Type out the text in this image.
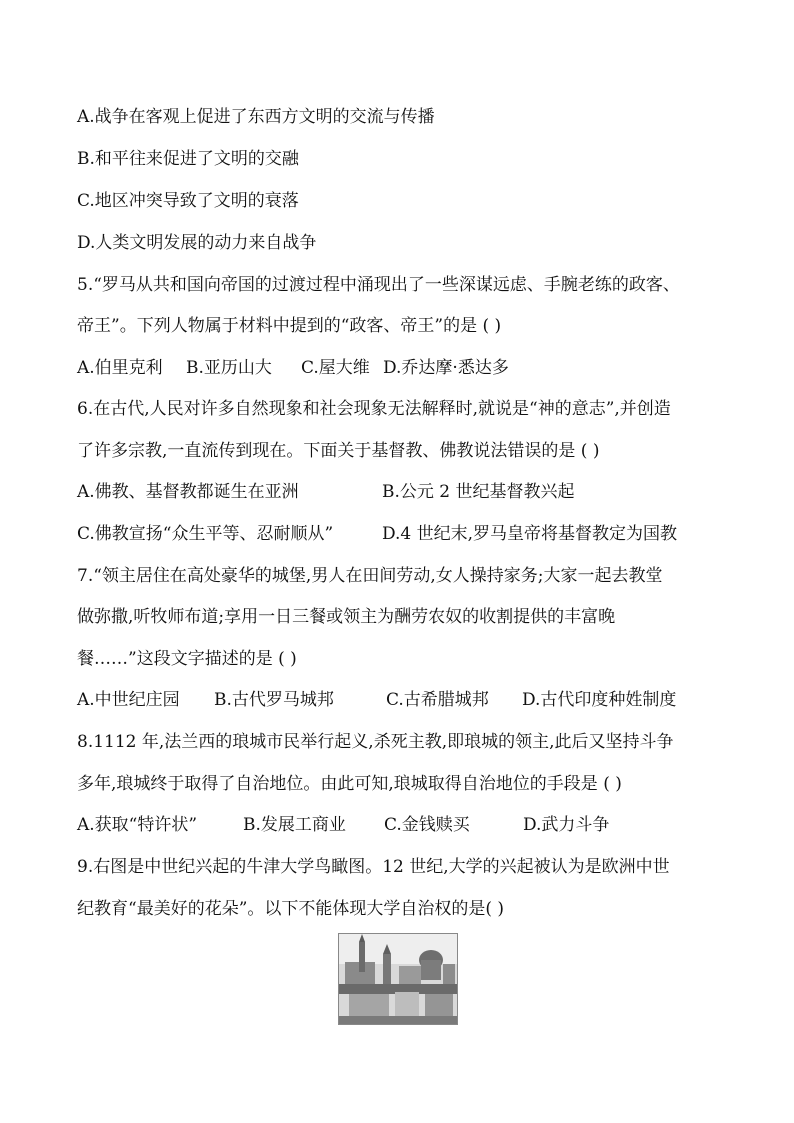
A.战争在客观上促进了东西方文明的交流与传播
B.和平往来促进了文明的交融
C.地区冲突导致了文明的衰落
D.人类文明发展的动力来自战争
5.“罗马从共和国向帝国的过渡过程中涌现出了一些深谋远虑、手腕老练的政客、
帝王”。下列人物属于材料中提到的“政客、帝王”的是 ( )
A.伯里克利 B.亚历山大 C.屋大维 D.乔达摩·悉达多
6.在古代,人民对许多自然现象和社会现象无法解释时,就说是“神的意志”,并创造
了许多宗教,一直流传到现在。下面关于基督教、佛教说法错误的是 ( )
A.佛教、基督教都诞生在亚洲	B.公元 2 世纪基督教兴起
C.佛教宣扬“众生平等、忍耐顺从”	D.4 世纪末,罗马皇帝将基督教定为国教
7.“领主居住在高处豪华的城堡,男人在田间劳动,女人操持家务;大家一起去教堂
做弥撒,听牧师布道;享用一日三餐或领主为酬劳农奴的收割提供的丰富晚
餐……”这段文字描述的是 ( )
A.中世纪庄园 B.古代罗马城邦	C.古希腊城邦 D.古代印度种姓制度
8.1112 年,法兰西的琅城市民举行起义,杀死主教,即琅城的领主,此后又坚持斗争
多年,琅城终于取得了自治地位。由此可知,琅城取得自治地位的手段是 ( )
A.获取“特许状”	B.发展工商业 C.金钱赎买	D.武力斗争
9.右图是中世纪兴起的牛津大学鸟瞰图。12 世纪,大学的兴起被认为是欧洲中世
纪教育“最美好的花朵”。以下不能体现大学自治权的是( )
